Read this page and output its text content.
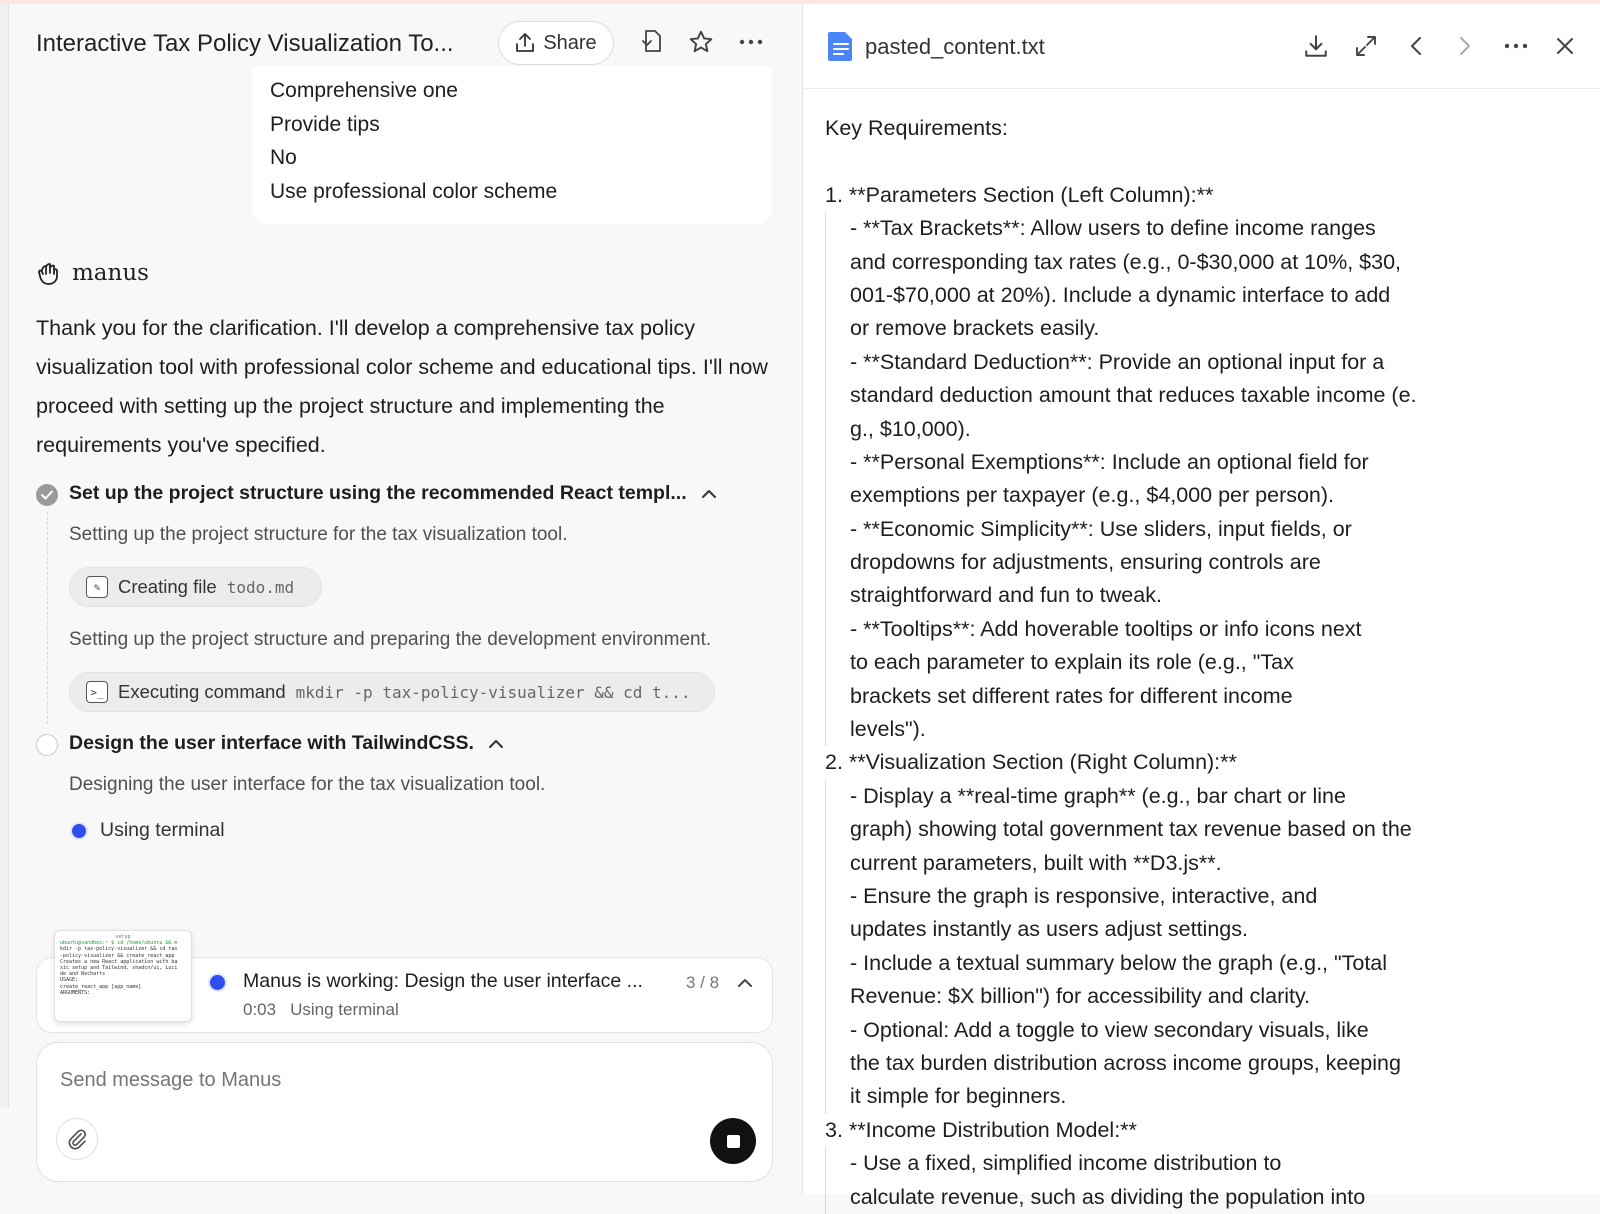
Interactive Tax Policy Visualization To...	Share
Comprehensive one
Provide tips
No
Use professional color scheme
manus
Thank you for the clarification. I'll develop a comprehensive tax policy visualization tool with professional color scheme and educational tips. I'll now proceed with setting up the project structure and implementing the requirements you've specified.
Set up the project structure using the recommended React templ...
Setting up the project structure for the tax visualization tool.
✎ Creating file todo.md
Setting up the project structure and preparing the development environment.
>_ Executing command mkdir -p tax-policy-visualizer && cd t...
Design the user interface with TailwindCSS.
Designing the user interface for the tax visualization tool.
Using terminal
setup
ubuntu@sandbox:~ $ cd /home/ubuntu && m
kdir -p tax-policy-visualizer && cd tax
-policy-visualizer && create_react_app
Creates a new React application with ba
sic setup and Tailwind, shadcn/ui, Luci
de and Recharts
USAGE:
create_react_app [app_name]
ARGUMENTS:
Manus is working: Design the user interface ...	3 / 8
0:03 Using terminal
Send message to Manus
pasted_content.txt
Key Requirements:
1. **Parameters Section (Left Column):**
- **Tax Brackets**: Allow users to define income ranges
and corresponding tax rates (e.g., 0-$30,000 at 10%, $30,
001-$70,000 at 20%). Include a dynamic interface to add
or remove brackets easily.
- **Standard Deduction**: Provide an optional input for a
standard deduction amount that reduces taxable income (e.
g., $10,000).
- **Personal Exemptions**: Include an optional field for
exemptions per taxpayer (e.g., $4,000 per person).
- **Economic Simplicity**: Use sliders, input fields, or
dropdowns for adjustments, ensuring controls are
straightforward and fun to tweak.
- **Tooltips**: Add hoverable tooltips or info icons next
to each parameter to explain its role (e.g., "Tax
brackets set different rates for different income
levels").
2. **Visualization Section (Right Column):**
- Display a **real-time graph** (e.g., bar chart or line
graph) showing total government tax revenue based on the
current parameters, built with **D3.js**.
- Ensure the graph is responsive, interactive, and
updates instantly as users adjust settings.
- Include a textual summary below the graph (e.g., "Total
Revenue: $X billion") for accessibility and clarity.
- Optional: Add a toggle to view secondary visuals, like
the tax burden distribution across income groups, keeping
it simple for beginners.
3. **Income Distribution Model:**
- Use a fixed, simplified income distribution to
calculate revenue, such as dividing the population into
